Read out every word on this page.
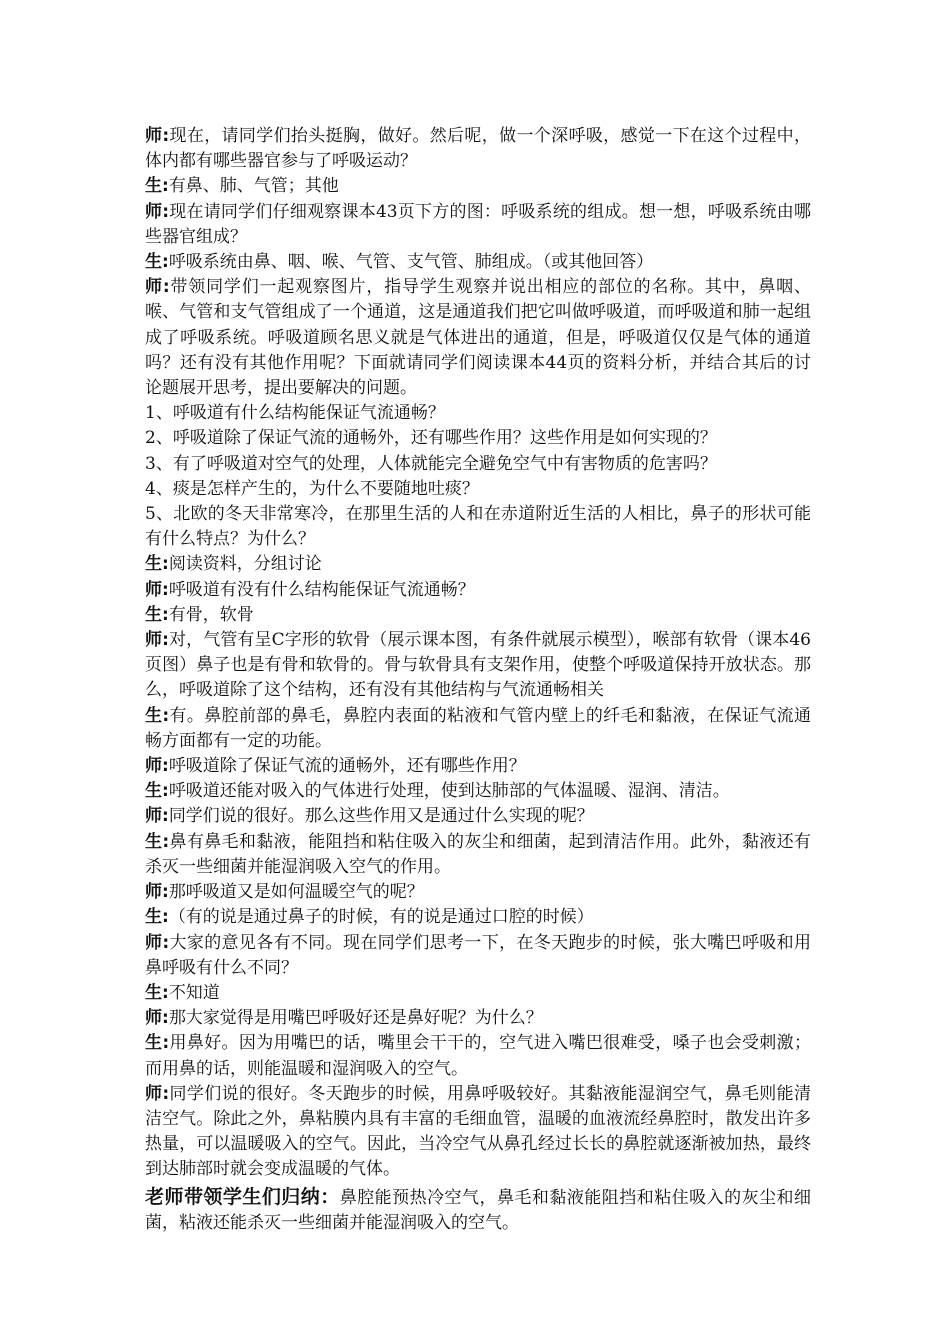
师:现在，请同学们抬头挺胸，做好。然后呢，做一个深呼吸，感觉一下在这个过程中，体内都有哪些器官参与了呼吸运动？

生:有鼻、肺、气管；其他

师:现在请同学们仔细观察课本43页下方的图：呼吸系统的组成。想一想，呼吸系统由哪些器官组成？

生:呼吸系统由鼻、咽、喉、气管、支气管、肺组成。（或其他回答）

师:带领同学们一起观察图片，指导学生观察并说出相应的部位的名称。其中，鼻咽、喉、气管和支气管组成了一个通道，这是通道我们把它叫做呼吸道，而呼吸道和肺一起组成了呼吸系统。呼吸道顾名思义就是气体进出的通道，但是，呼吸道仅仅是气体的通道吗？还有没有其他作用呢？下面就请同学们阅读课本44页的资料分析，并结合其后的讨论题展开思考，提出要解决的问题。

1、呼吸道有什么结构能保证气流通畅？

2、呼吸道除了保证气流的通畅外，还有哪些作用？这些作用是如何实现的？

3、有了呼吸道对空气的处理，人体就能完全避免空气中有害物质的危害吗？

4、痰是怎样产生的，为什么不要随地吐痰？

5、北欧的冬天非常寒冷，在那里生活的人和在赤道附近生活的人相比，鼻子的形状可能有什么特点？为什么？

生:阅读资料，分组讨论

师:呼吸道有没有什么结构能保证气流通畅？

生:有骨，软骨

师:对，气管有呈C字形的软骨（展示课本图，有条件就展示模型），喉部有软骨（课本46页图）鼻子也是有骨和软骨的。骨与软骨具有支架作用，使整个呼吸道保持开放状态。那么，呼吸道除了这个结构，还有没有其他结构与气流通畅相关

生:有。鼻腔前部的鼻毛，鼻腔内表面的粘液和气管内壁上的纤毛和黏液，在保证气流通畅方面都有一定的功能。

师:呼吸道除了保证气流的通畅外，还有哪些作用？

生:呼吸道还能对吸入的气体进行处理，使到达肺部的气体温暖、湿润、清洁。

师:同学们说的很好。那么这些作用又是通过什么实现的呢？

生:鼻有鼻毛和黏液，能阻挡和粘住吸入的灰尘和细菌，起到清洁作用。此外，黏液还有杀灭一些细菌并能湿润吸入空气的作用。

师:那呼吸道又是如何温暖空气的呢？

生:（有的说是通过鼻子的时候，有的说是通过口腔的时候）

师:大家的意见各有不同。现在同学们思考一下，在冬天跑步的时候，张大嘴巴呼吸和用鼻呼吸有什么不同？

生:不知道

师:那大家觉得是用嘴巴呼吸好还是鼻好呢？为什么？

生:用鼻好。因为用嘴巴的话，嘴里会干干的，空气进入嘴巴很难受，嗓子也会受刺激；而用鼻的话，则能温暖和湿润吸入的空气。

师:同学们说的很好。冬天跑步的时候，用鼻呼吸较好。其黏液能湿润空气，鼻毛则能清洁空气。除此之外，鼻粘膜内具有丰富的毛细血管，温暖的血液流经鼻腔时，散发出许多热量，可以温暖吸入的空气。因此，当冷空气从鼻孔经过长长的鼻腔就逐渐被加热，最终到达肺部时就会变成温暖的气体。

老师带领学生们归纳：鼻腔能预热冷空气，鼻毛和黏液能阻挡和粘住吸入的灰尘和细菌，粘液还能杀灭一些细菌并能湿润吸入的空气。
